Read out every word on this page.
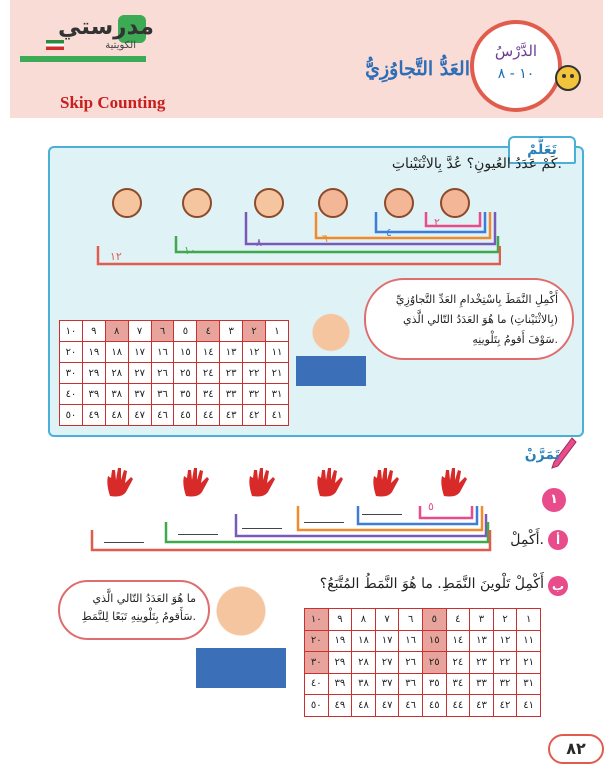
مدرستي
الكويتية	الدَّرْسُ
١٠ - ٨
العَدُّ التَّجاوُزِيُّ
Skip Counting
تَعَلَّمْ
كَمْ عَدَدُ العُيونِ؟ عُدَّ بِالاثْنَيْناتِ.
٢
٤
٦
٨
١٠
١٢
أَكْمِلِ النَّمَطَ بِاسْتِخْدامِ العَدِّ التَّجاوُزِيِّ (بِالاثْنَيْناتِ) ما هُوَ العَدَدُ التّالي الَّذي سَوْفَ أَقومُ بِتَلْوينِهِ.
١٠	٩	٨	٧	٦	٥	٤	٣	٢	١
٢٠	١٩	١٨	١٧	١٦	١٥	١٤	١٣	١٢	١١
٣٠	٢٩	٢٨	٢٧	٢٦	٢٥	٢٤	٢٣	٢٢	٢١
٤٠	٣٩	٣٨	٣٧	٣٦	٣٥	٣٤	٣٣	٣٢	٣١
٥٠	٤٩	٤٨	٤٧	٤٦	٤٥	٤٤	٤٣	٤٢	٤١
تَمَرَّنْ
١
٥
أ
أَكْمِلْ.
ب
أَكْمِلْ تَلْوينَ النَّمَطِ. ما هُوَ النَّمَطُ المُتَّبَعُ؟
ما هُوَ العَدَدُ التّالي الَّذي سَأَقومُ بِتَلْوينِهِ تَبَعًا لِلنَّمَطِ.	١٠	٩	٨	٧	٦	٥	٤	٣	٢	١
٢٠	١٩	١٨	١٧	١٦	١٥	١٤	١٣	١٢	١١
٣٠	٢٩	٢٨	٢٧	٢٦	٢٥	٢٤	٢٣	٢٢	٢١
٤٠	٣٩	٣٨	٣٧	٣٦	٣٥	٣٤	٣٣	٣٢	٣١
٥٠	٤٩	٤٨	٤٧	٤٦	٤٥	٤٤	٤٣	٤٢	٤١
٨٢
